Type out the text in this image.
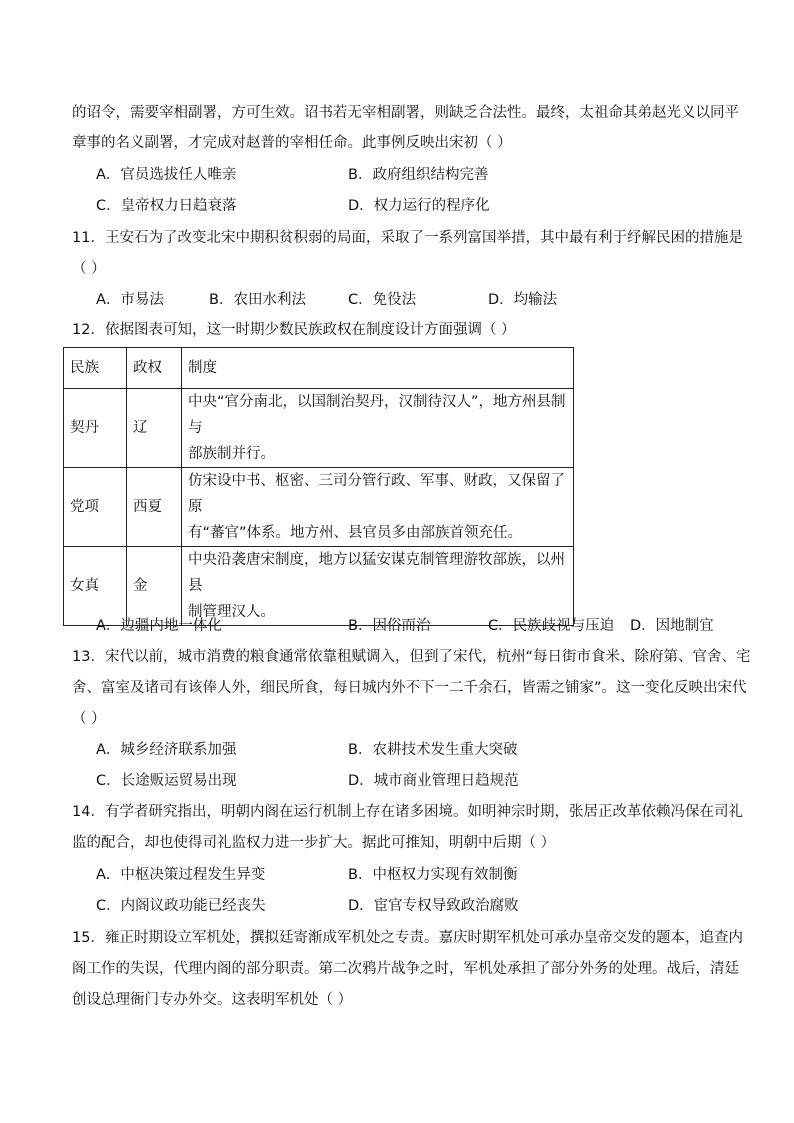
的诏令，需要宰相副署，方可生效。诏书若无宰相副署，则缺乏合法性。最终，太祖命其弟赵光义以同平
章事的名义副署，才完成对赵普的宰相任命。此事例反映出宋初（ ）
A．官员选拔任人唯亲	B．政府组织结构完善
C．皇帝权力日趋衰落	D．权力运行的程序化
11．王安石为了改变北宋中期积贫积弱的局面，采取了一系列富国举措，其中最有利于纾解民困的措施是
（ ）
A．市易法	B．农田水利法	C．免役法	D．均输法
12．依据图表可知，这一时期少数民族政权在制度设计方面强调（ ）
民族	政权	制度
契丹	辽	中央“官分南北，以国制治契丹，汉制待汉人”，地方州县制与
部族制并行。

党项	西夏	仿宋设中书、枢密、三司分管行政、军事、财政，又保留了原
有“蕃官”体系。地方州、县官员多由部族首领充任。

女真	金	中央沿袭唐宋制度，地方以猛安谋克制管理游牧部族，以州县
制管理汉人。
A．边疆内地一体化	B．因俗而治	C．民族歧视与压迫 D．因地制宜
13．宋代以前，城市消费的粮食通常依靠租赋调入，但到了宋代，杭州“每日街市食米、除府第、官舍、宅
舍、富室及诸司有该俸人外，细民所食，每日城内外不下一二千余石，皆需之铺家”。这一变化反映出宋代
（ ）
A．城乡经济联系加强	B．农耕技术发生重大突破
C．长途贩运贸易出现	D．城市商业管理日趋规范
14．有学者研究指出，明朝内阁在运行机制上存在诸多困境。如明神宗时期，张居正改革依赖冯保在司礼
监的配合，却也使得司礼监权力进一步扩大。据此可推知，明朝中后期（ ）
A．中枢决策过程发生异变	B．中枢权力实现有效制衡
C．内阁议政功能已经丧失	D．宦官专权导致政治腐败
15．雍正时期设立军机处，撰拟廷寄渐成军机处之专责。嘉庆时期军机处可承办皇帝交发的题本，追查内
阁工作的失误，代理内阁的部分职责。第二次鸦片战争之时，军机处承担了部分外务的处理。战后，清廷
创设总理衙门专办外交。这表明军机处（ ）
